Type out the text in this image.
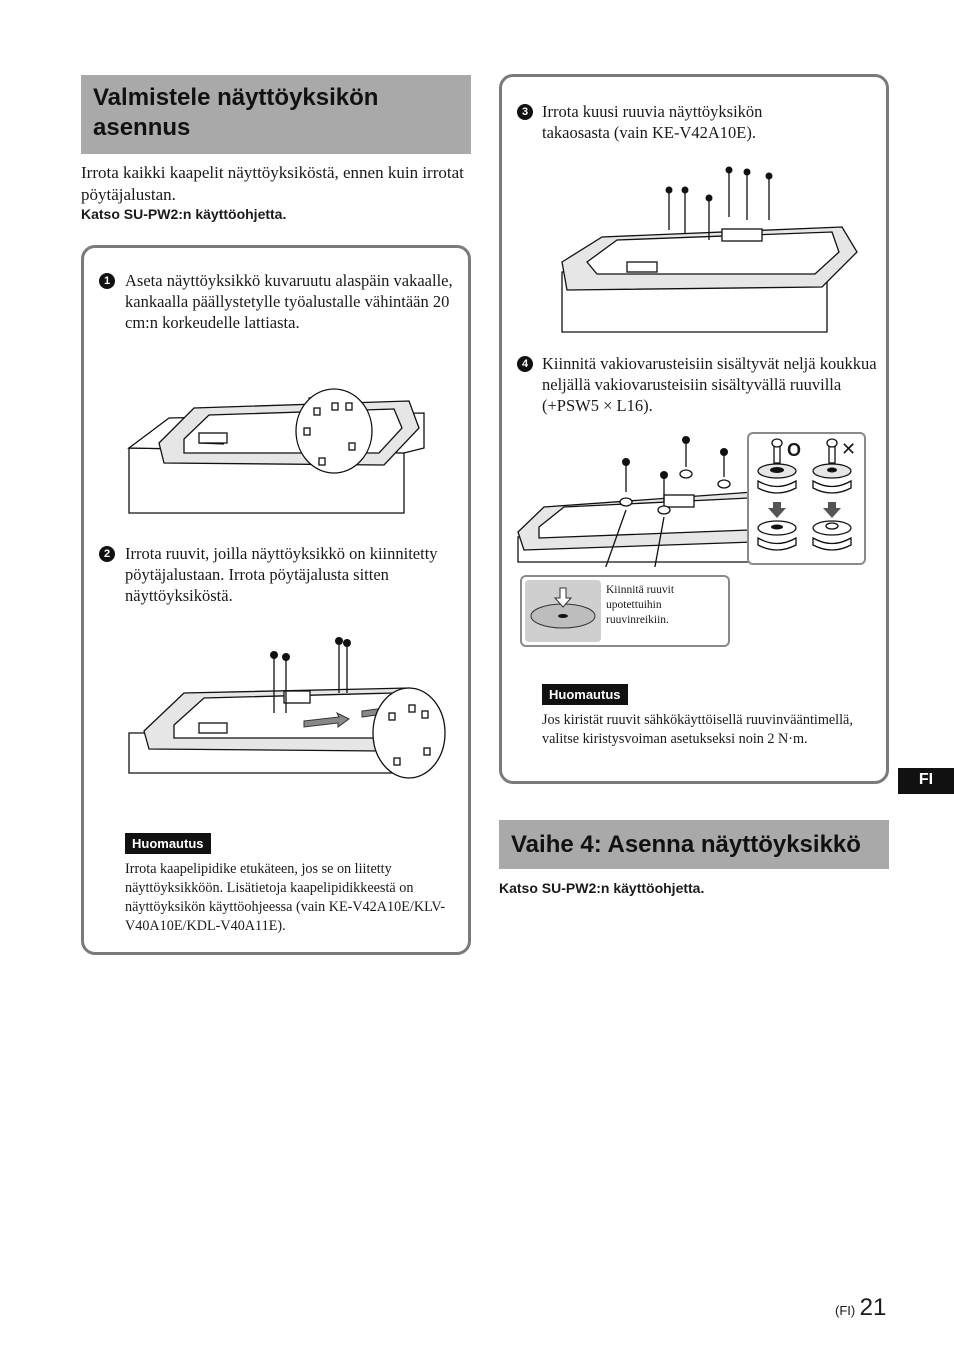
Valmistele näyttöyksikön asennus
Irrota kaikki kaapelit näyttöyksiköstä, ennen kuin irrotat pöytäjalustan.
Katso SU-PW2:n käyttöohjetta.
1 Aseta näyttöyksikkö kuvaruutu alaspäin vakaalle, kankaalla päällystetylle työalustalle vähintään 20 cm:n korkeudelle lattiasta.
2 Irrota ruuvit, joilla näyttöyksikkö on kiinnitetty pöytäjalustaan. Irrota pöytäjalusta sitten näyttöyksiköstä.
Huomautus
Irrota kaapelipidike etukäteen, jos se on liitetty näyttöyksikköön. Lisätietoja kaapelipidikkeestä on näyttöyksikön käyttöohjeessa (vain KE-V42A10E/KLV-V40A10E/KDL-V40A11E).
3 Irrota kuusi ruuvia näyttöyksikön takaosasta (vain KE-V42A10E).
4 Kiinnitä vakiovarusteisiin sisältyvät neljä koukkua neljällä vakiovarusteisiin sisältyvällä ruuvilla (+PSW5 × L16).
O ✕
Kiinnitä ruuvit upotettuihin ruuvinreikiin.
Huomautus
Jos kiristät ruuvit sähkökäyttöisellä ruuvinvääntimellä, valitse kiristysvoiman asetukseksi noin 2 N·m.
Vaihe 4: Asenna näyttöyksikkö
Katso SU-PW2:n käyttöohjetta.
FI
(FI) 21
